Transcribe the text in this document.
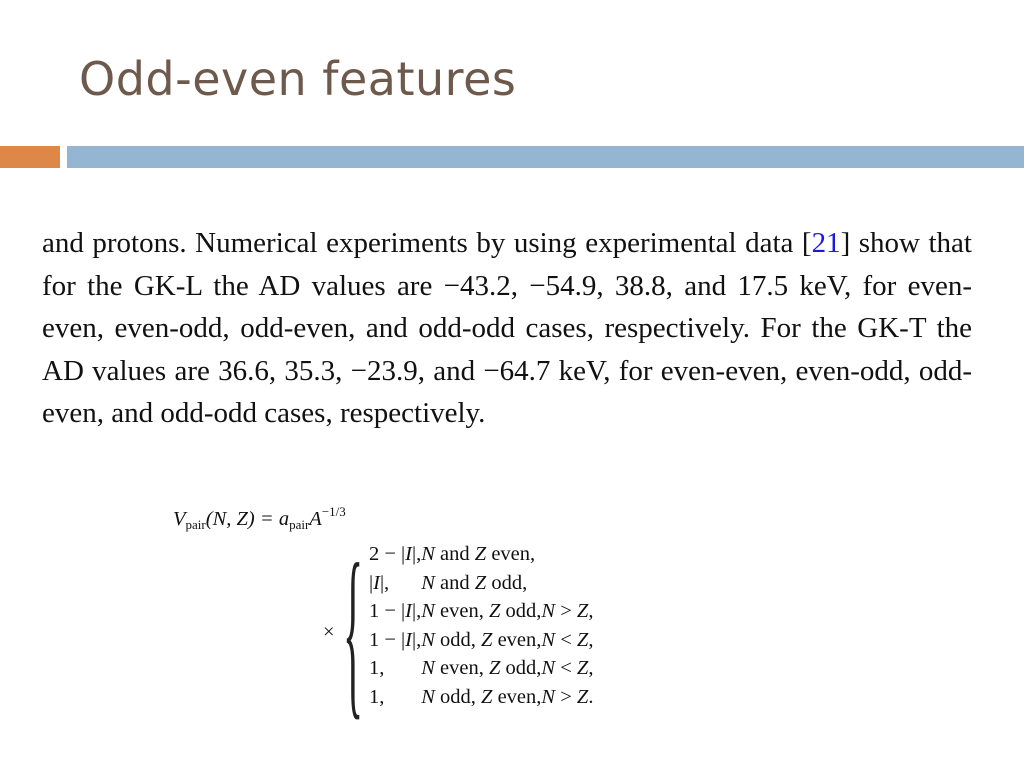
Odd-even features

and protons. Numerical experiments by using experimental data [21] show that for the GK-L the AD values are −43.2, −54.9, 38.8, and 17.5 keV, for even-even, even-odd, odd-even, and odd-odd cases, respectively. For the GK-T the AD values are 36.6, 35.3, −23.9, and −64.7 keV, for even-even, even-odd, odd-even, and odd-odd cases, respectively.

$V_{pair}(N$, $Z) = a_{pair}A^{-1/3}$
× { 2 − |I|,	N and Z even,	
|I|,	N and Z odd,	
1 − |I|,	N even, Z odd,	N > Z,
1 − |I|,	N odd, Z even,	N < Z,
1,	N even, Z odd,	N < Z,
1,	N odd, Z even,	N > Z.
